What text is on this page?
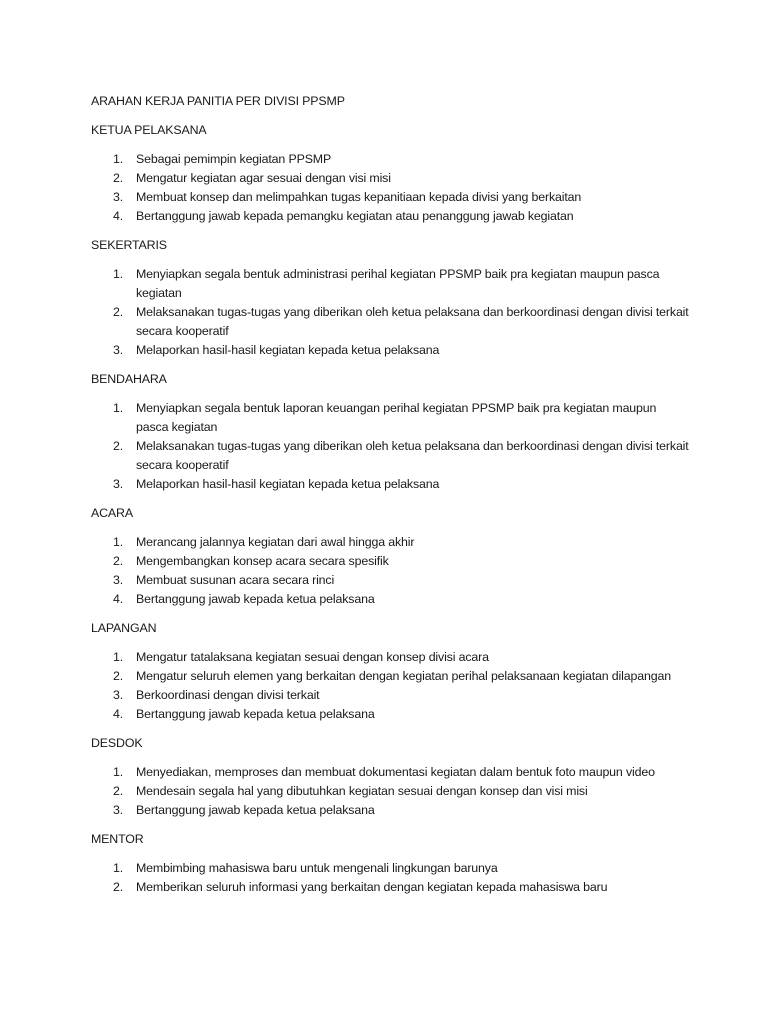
ARAHAN KERJA PANITIA PER DIVISI PPSMP
KETUA PELAKSANA
1. Sebagai pemimpin kegiatan PPSMP
2. Mengatur kegiatan agar sesuai dengan visi misi
3. Membuat konsep dan melimpahkan tugas kepanitiaan kepada divisi yang berkaitan
4. Bertanggung jawab kepada pemangku kegiatan atau penanggung jawab kegiatan
SEKERTARIS
1. Menyiapkan segala bentuk administrasi perihal kegiatan PPSMP baik pra kegiatan maupun pasca kegiatan
2. Melaksanakan tugas-tugas yang diberikan oleh ketua pelaksana dan berkoordinasi dengan divisi terkait secara kooperatif
3. Melaporkan hasil-hasil kegiatan kepada ketua pelaksana
BENDAHARA
1. Menyiapkan segala bentuk laporan keuangan perihal kegiatan PPSMP baik pra kegiatan maupun pasca kegiatan
2. Melaksanakan tugas-tugas yang diberikan oleh ketua pelaksana dan berkoordinasi dengan divisi terkait secara kooperatif
3. Melaporkan hasil-hasil kegiatan kepada ketua pelaksana
ACARA
1. Merancang jalannya kegiatan dari awal hingga akhir
2. Mengembangkan konsep acara secara spesifik
3. Membuat susunan acara secara rinci
4. Bertanggung jawab kepada ketua pelaksana
LAPANGAN
1. Mengatur tatalaksana kegiatan sesuai dengan konsep divisi acara
2. Mengatur seluruh elemen yang berkaitan dengan kegiatan perihal pelaksanaan kegiatan dilapangan
3. Berkoordinasi dengan divisi terkait
4. Bertanggung jawab kepada ketua pelaksana
DESDOK
1. Menyediakan, memproses dan membuat dokumentasi kegiatan dalam bentuk foto maupun video
2. Mendesain segala hal yang dibutuhkan kegiatan sesuai dengan konsep dan visi misi
3. Bertanggung jawab kepada ketua pelaksana
MENTOR
1. Membimbing mahasiswa baru untuk mengenali lingkungan barunya
2. Memberikan seluruh informasi yang berkaitan dengan kegiatan kepada mahasiswa baru
